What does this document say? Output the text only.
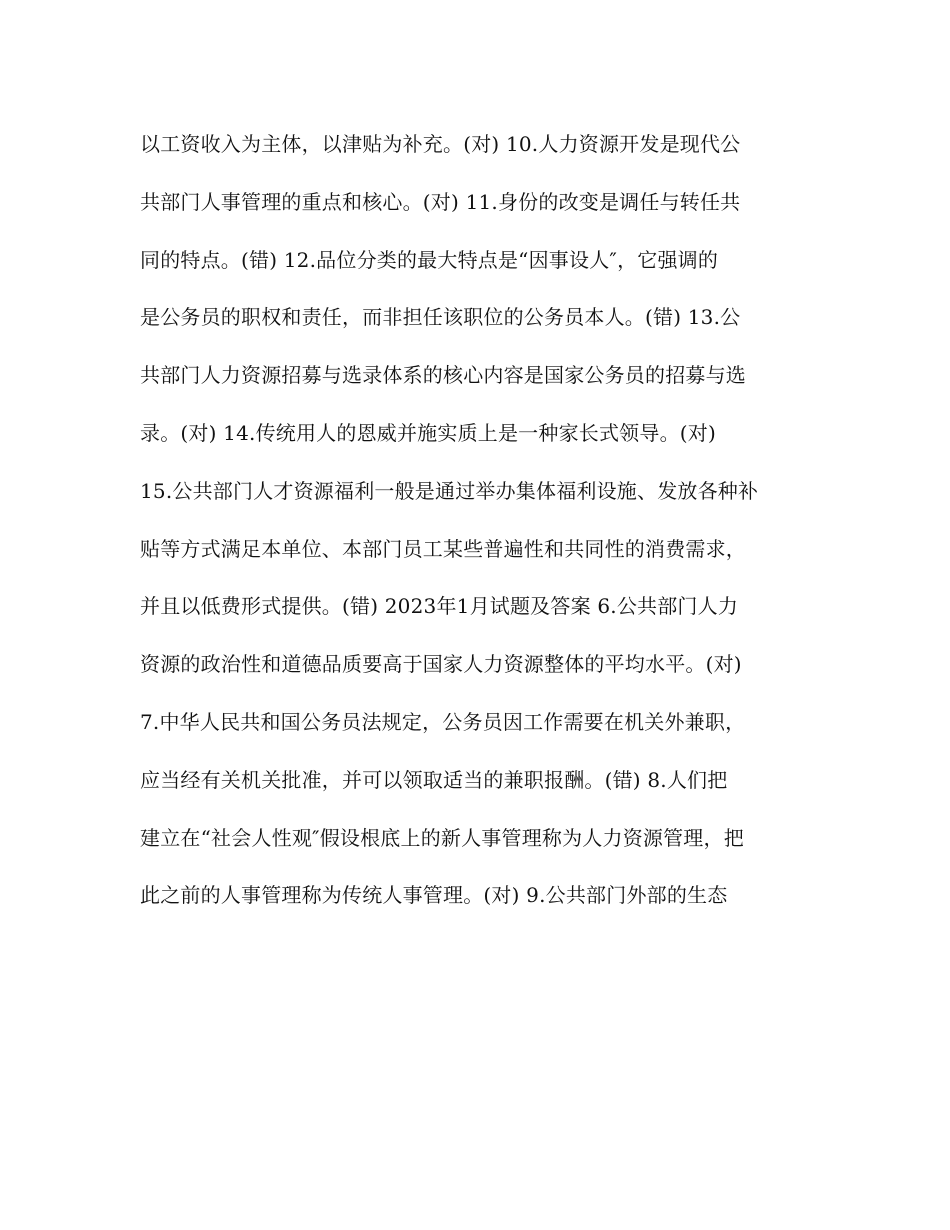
以工资收入为主体，以津贴为补充。(对) 10.人力资源开发是现代公
共部门人事管理的重点和核心。(对) 11.身份的改变是调任与转任共
同的特点。(错) 12.品位分类的最大特点是“因事设人″，它强调的
是公务员的职权和责任，而非担任该职位的公务员本人。(错) 13.公
共部门人力资源招募与选录体系的核心内容是国家公务员的招募与选
录。(对) 14.传统用人的恩威并施实质上是一种家长式领导。(对)
15.公共部门人才资源福利一般是通过举办集体福利设施、发放各种补
贴等方式满足本单位、本部门员工某些普遍性和共同性的消费需求，
并且以低费形式提供。(错) 2023年1月试题及答案 6.公共部门人力
资源的政治性和道德品质要高于国家人力资源整体的平均水平。(对)
7.中华人民共和国公务员法规定，公务员因工作需要在机关外兼职，
应当经有关机关批准，并可以领取适当的兼职报酬。(错) 8.人们把
建立在“社会人性观″假设根底上的新人事管理称为人力资源管理，把
此之前的人事管理称为传统人事管理。(对) 9.公共部门外部的生态
